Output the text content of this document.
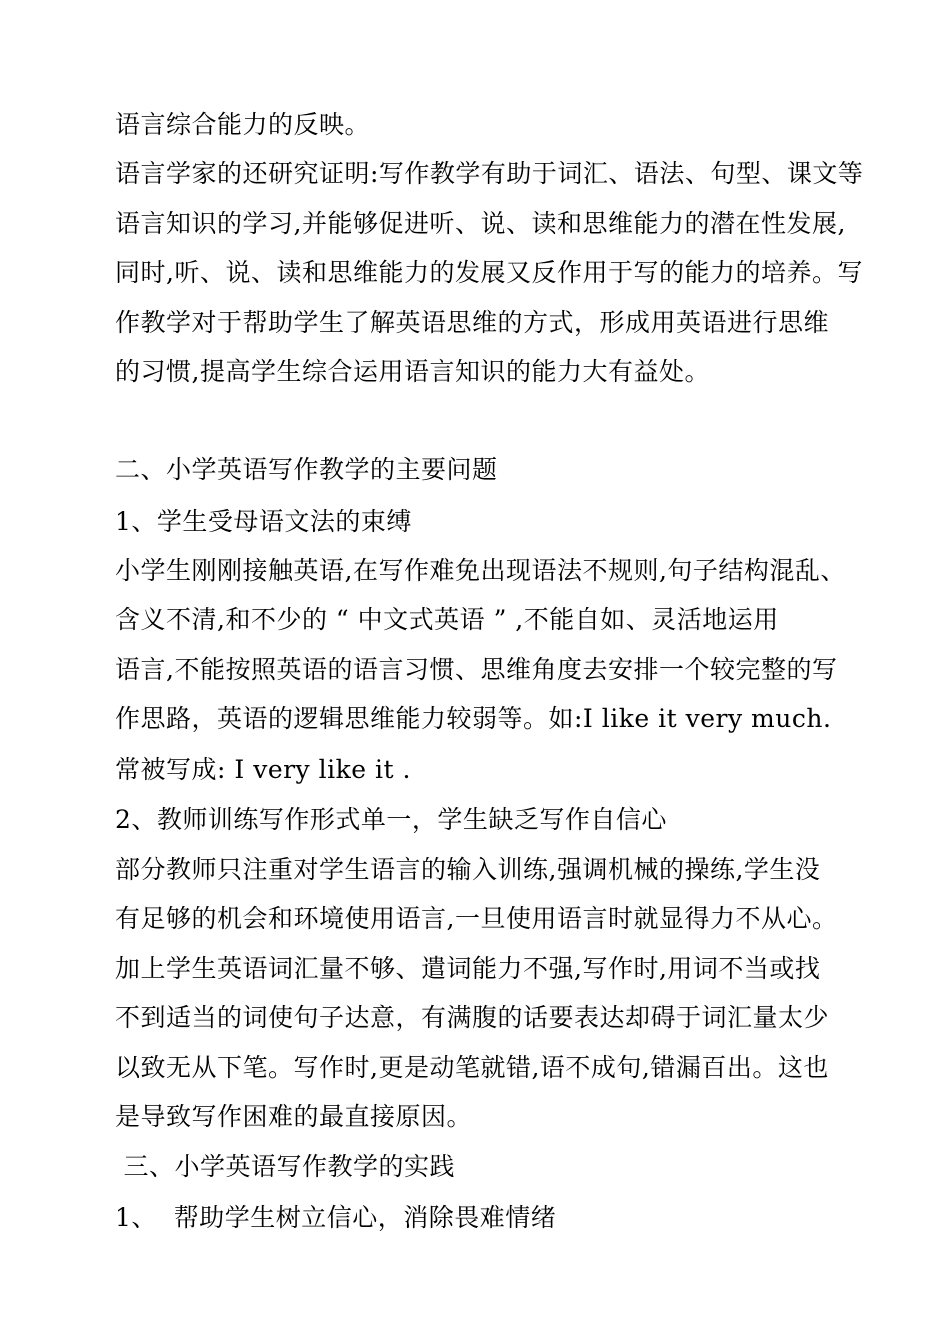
语言综合能力的反映。
语言学家的还研究证明:写作教学有助于词汇、语法、句型、课文等
语言知识的学习,并能够促进听、说、读和思维能力的潜在性发展,
同时,听、说、读和思维能力的发展又反作用于写的能力的培养。写
作教学对于帮助学生了解英语思维的方式，形成用英语进行思维
的习惯,提高学生综合运用语言知识的能力大有益处。
二、小学英语写作教学的主要问题
1、学生受母语文法的束缚
小学生刚刚接触英语,在写作难免出现语法不规则,句子结构混乱、
含义不清,和不少的 “ 中文式英语 ” ,不能自如、灵活地运用
语言,不能按照英语的语言习惯、思维角度去安排一个较完整的写
作思路，英语的逻辑思维能力较弱等。如:I like it very much.
常被写成: I very like it .
2、教师训练写作形式单一，学生缺乏写作自信心
部分教师只注重对学生语言的输入训练,强调机械的操练,学生没
有足够的机会和环境使用语言,一旦使用语言时就显得力不从心。
加上学生英语词汇量不够、遣词能力不强,写作时,用词不当或找
不到适当的词使句子达意，有满腹的话要表达却碍于词汇量太少
以致无从下笔。写作时,更是动笔就错,语不成句,错漏百出。这也
是导致写作困难的最直接原因。
三、小学英语写作教学的实践
1、  帮助学生树立信心，消除畏难情绪
